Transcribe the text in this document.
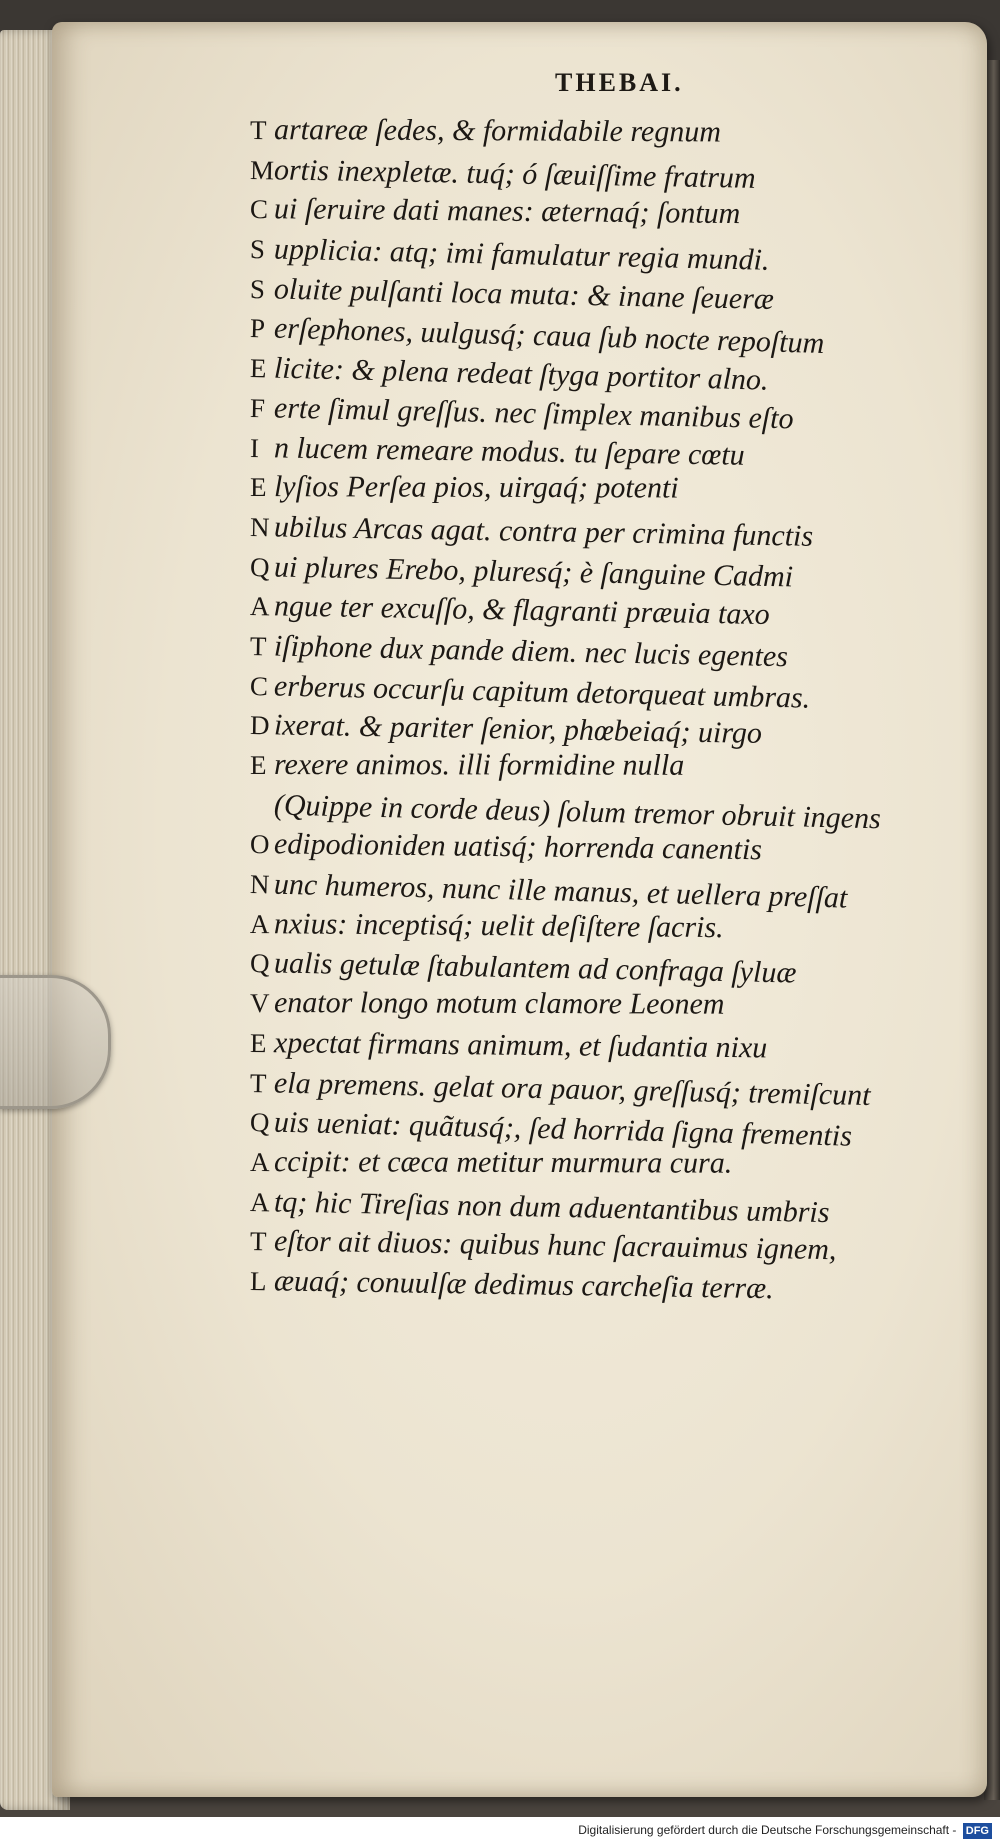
THEBAI.
T artareæ ſedes, & formidabile regnum
Mortis inexpletæ. tuq́; ó ſæuiſſime fratrum
C ui ſeruire dati manes: æternaq́; ſontum
S upplicia: atq; imi famulatur regia mundi.
S oluite pulſanti loca muta: & inane ſeueræ
P erſephones, uulgusq́; caua ſub nocte repoſtum
E licite: & plena redeat ſtyga portitor alno.
F erte ſimul greſſus. nec ſimplex manibus eſto
I n lucem remeare modus. tu ſepare cœtu
E lyſios Perſea pios, uirgaq́; potenti
N ubilus Arcas agat. contra per crimina functis
Q ui plures Erebo, pluresq́; è ſanguine Cadmi
A ngue ter excuſſo, & flagranti præuia taxo
T iſiphone dux pande diem. nec lucis egentes
C erberus occurſu capitum detorqueat umbras.
D ixerat. & pariter ſenior, phœbeiaq́; uirgo
E rexere animos. illi formidine nulla
(Quippe in corde deus) ſolum tremor obruit ingens
O edipodioniden uatisq́; horrenda canentis
N unc humeros, nunc ille manus, et uellera preſſat
A nxius: inceptisq́; uelit deſiſtere ſacris.
Q ualis getulæ ſtabulantem ad confraga ſyluæ
V enator longo motum clamore Leonem
E xpectat firmans animum, et ſudantia nixu
T ela premens. gelat ora pauor, greſſusq́; tremiſcunt
Q uis ueniat: quãtusq́;, ſed horrida ſigna frementis
A ccipit: et cæca metitur murmura cura.
A tq; hic Tireſias non dum aduentantibus umbris
T eſtor ait diuos: quibus hunc ſacrauimus ignem,
L æuaq́; conuulſæ dedimus carcheſia terræ.
Digitalisierung gefördert durch die Deutsche Forschungsgemeinschaft - DFG
